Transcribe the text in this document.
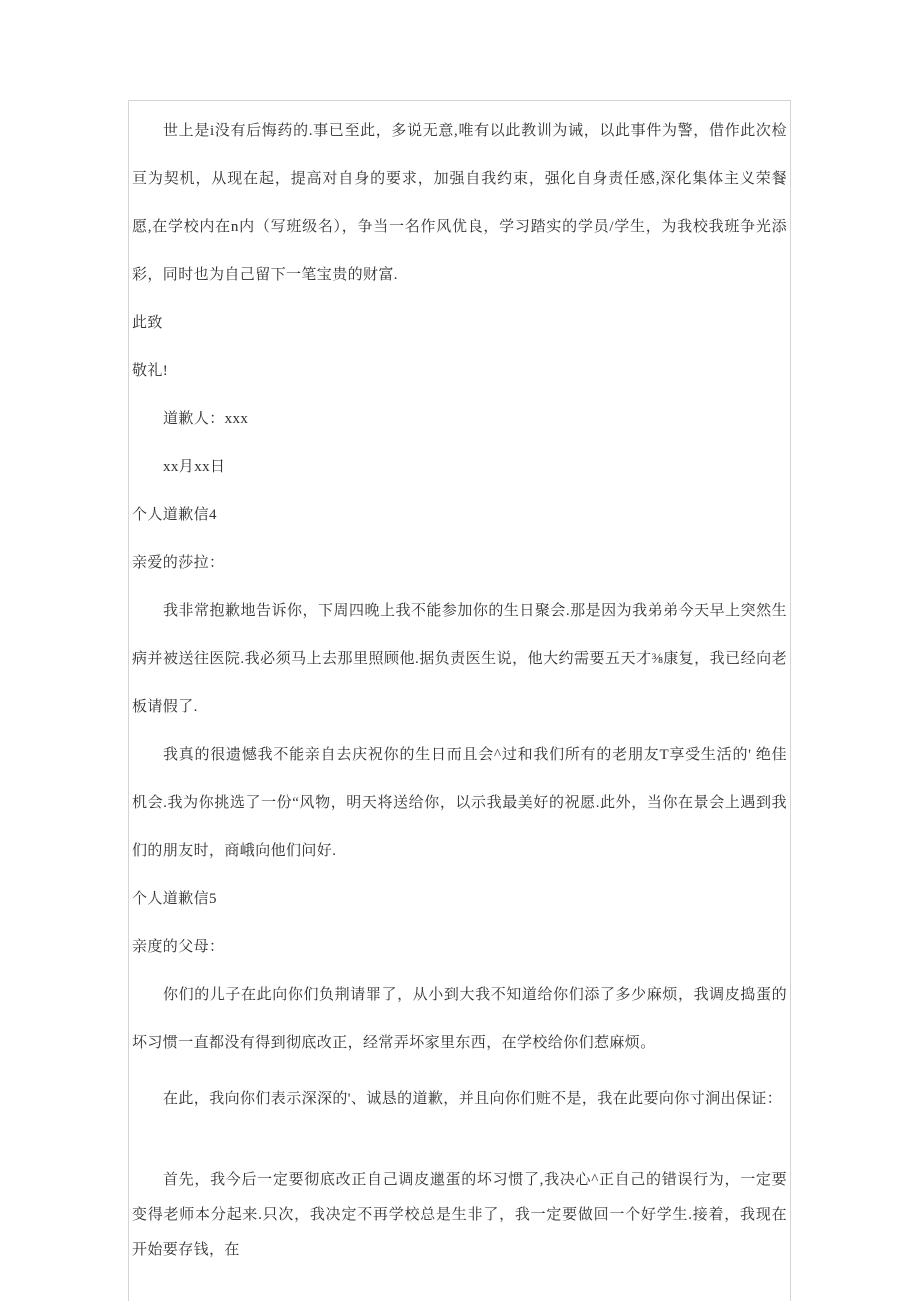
世上是i没有后悔药的.事已至此，多说无意,唯有以此教训为诫，以此事件为警，借作此次检亘为契机，从现在起，提高对自身的要求，加强自我约束，强化自身责任感,深化集体主义荣餐愿,在学校内在n内（写班级名），争当一名作风优良，学习踏实的学员/学生，为我校我班争光添彩，同时也为自己留下一笔宝贵的财富.

此致

敬礼!

道歉人：xxx

xx月xx日

个人道歉信4

亲爱的莎拉：

我非常抱歉地告诉你，下周四晚上我不能参加你的生日聚会.那是因为我弟弟今天早上突然生病并被送往医院.我必须马上去那里照顾他.据负责医生说，他大约需要五天才⅜康复，我已经向老板请假了.

我真的很遗憾我不能亲自去庆祝你的生日而且会^过和我们所有的老朋友T享受生活的' 绝佳机会.我为你挑选了一份“风物，明天将送给你，以示我最美好的祝愿.此外，当你在景会上遇到我们的朋友时，商峨向他们问好.

个人道歉信5

亲度的父母：

你们的儿子在此向你们负荆请罪了，从小到大我不知道给你们添了多少麻烦，我调皮捣蛋的坏习惯一直都没有得到彻底改正，经常弄坏家里东西，在学校给你们惹麻烦。

在此，我向你们表示深深的'、诚恳的道歉，并且向你们赃不是，我在此要向你寸涧出保证：

首先，我今后一定要彻底改正自己调皮邋蛋的坏习惯了,我决心^正自己的错误行为，一定要变得老师本分起来.只次，我决定不再学校总是生非了，我一定要做回一个好学生.接着，我现在开始要存钱，在
